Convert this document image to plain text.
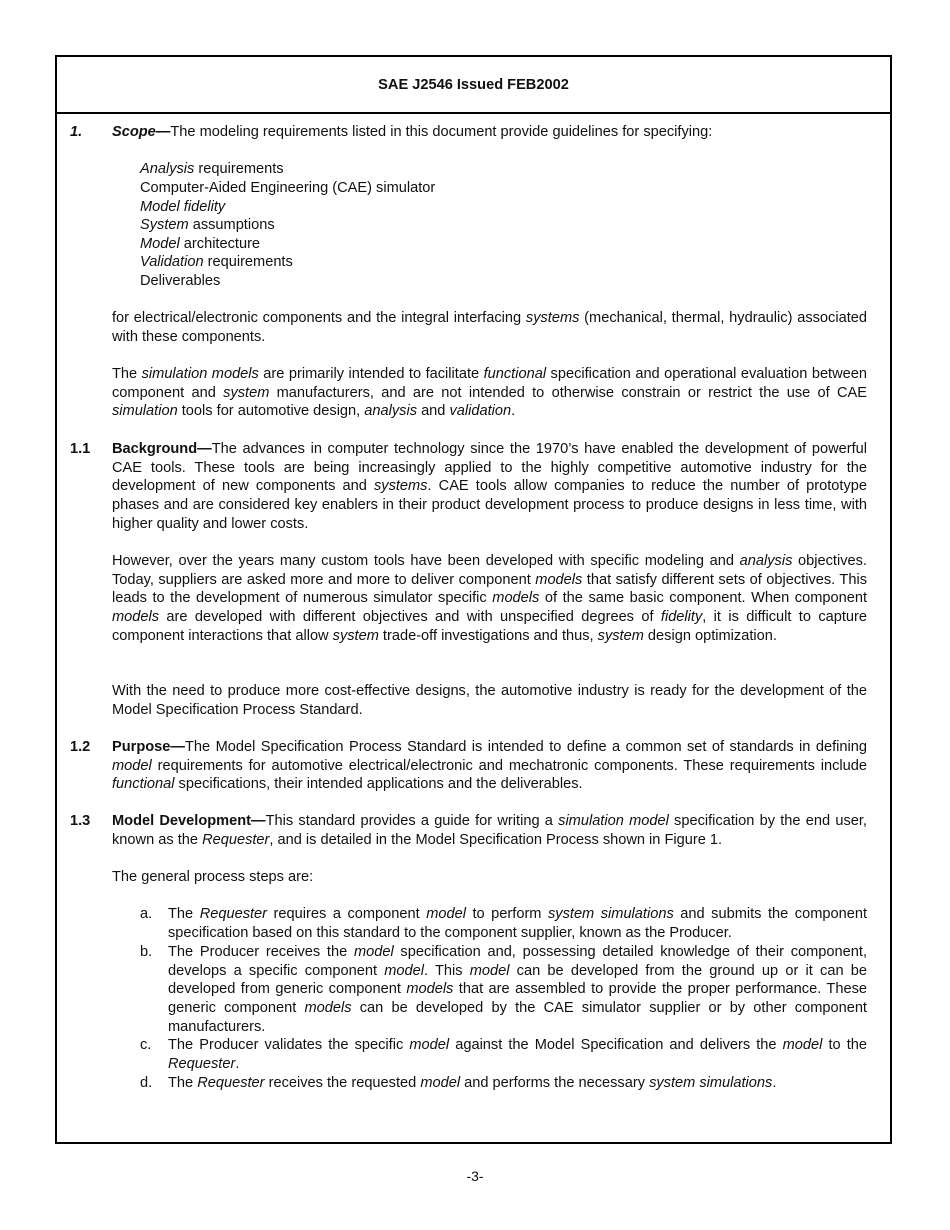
SAE J2546 Issued FEB2002
1. Scope—The modeling requirements listed in this document provide guidelines for specifying:
Analysis requirements
Computer-Aided Engineering (CAE) simulator
Model fidelity
System assumptions
Model architecture
Validation requirements
Deliverables
for electrical/electronic components and the integral interfacing systems (mechanical, thermal, hydraulic) associated with these components.
The simulation models are primarily intended to facilitate functional specification and operational evaluation between component and system manufacturers, and are not intended to otherwise constrain or restrict the use of CAE simulation tools for automotive design, analysis and validation.
1.1 Background—The advances in computer technology since the 1970’s have enabled the development of powerful CAE tools. These tools are being increasingly applied to the highly competitive automotive industry for the development of new components and systems. CAE tools allow companies to reduce the number of prototype phases and are considered key enablers in their product development process to produce designs in less time, with higher quality and lower costs.
However, over the years many custom tools have been developed with specific modeling and analysis objectives. Today, suppliers are asked more and more to deliver component models that satisfy different sets of objectives. This leads to the development of numerous simulator specific models of the same basic component. When component models are developed with different objectives and with unspecified degrees of fidelity, it is difficult to capture component interactions that allow system trade-off investigations and thus, system design optimization.
With the need to produce more cost-effective designs, the automotive industry is ready for the development of the Model Specification Process Standard.
1.2 Purpose—The Model Specification Process Standard is intended to define a common set of standards in defining model requirements for automotive electrical/electronic and mechatronic components. These requirements include functional specifications, their intended applications and the deliverables.
1.3 Model Development—This standard provides a guide for writing a simulation model specification by the end user, known as the Requester, and is detailed in the Model Specification Process shown in Figure 1.
The general process steps are:
a.	The Requester requires a component model to perform system simulations and submits the component specification based on this standard to the component supplier, known as the Producer.
b.	The Producer receives the model specification and, possessing detailed knowledge of their component, develops a specific component model. This model can be developed from the ground up or it can be developed from generic component models that are assembled to provide the proper performance. These generic component models can be developed by the CAE simulator supplier or by other component manufacturers.
c.	The Producer validates the specific model against the Model Specification and delivers the model to the Requester.
d.	The Requester receives the requested model and performs the necessary system simulations.
-3-
